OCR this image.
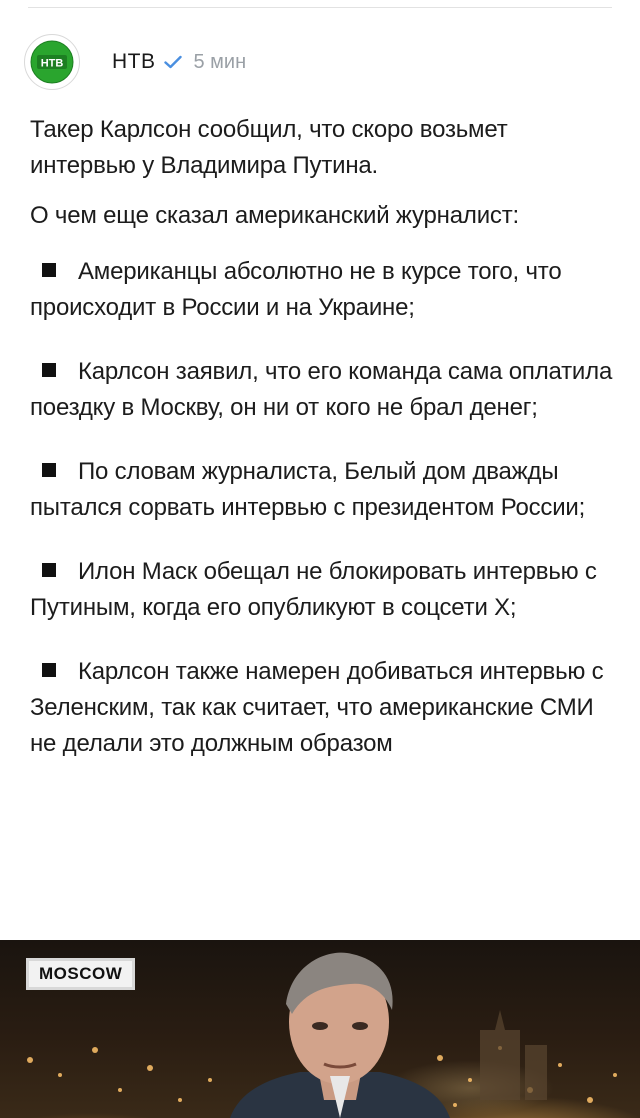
НТВ НТВ 5 мин

Такер Карлсон сообщил, что скоро возьмет интервью у Владимира Путина.

О чем еще сказал американский журналист:

Американцы абсолютно не в курсе того, что происходит в России и на Украине;

Карлсон заявил, что его команда сама оплатила поездку в Москву, он ни от кого не брал денег;

По словам журналиста, Белый дом дважды пытался сорвать интервью с президентом России;

Илон Маск обещал не блокировать интервью с Путиным, когда его опубликуют в соцсети X;

Карлсон также намерен добиваться интервью с Зеленским, так как считает, что американские СМИ не делали это должным образом

MOSCOW
